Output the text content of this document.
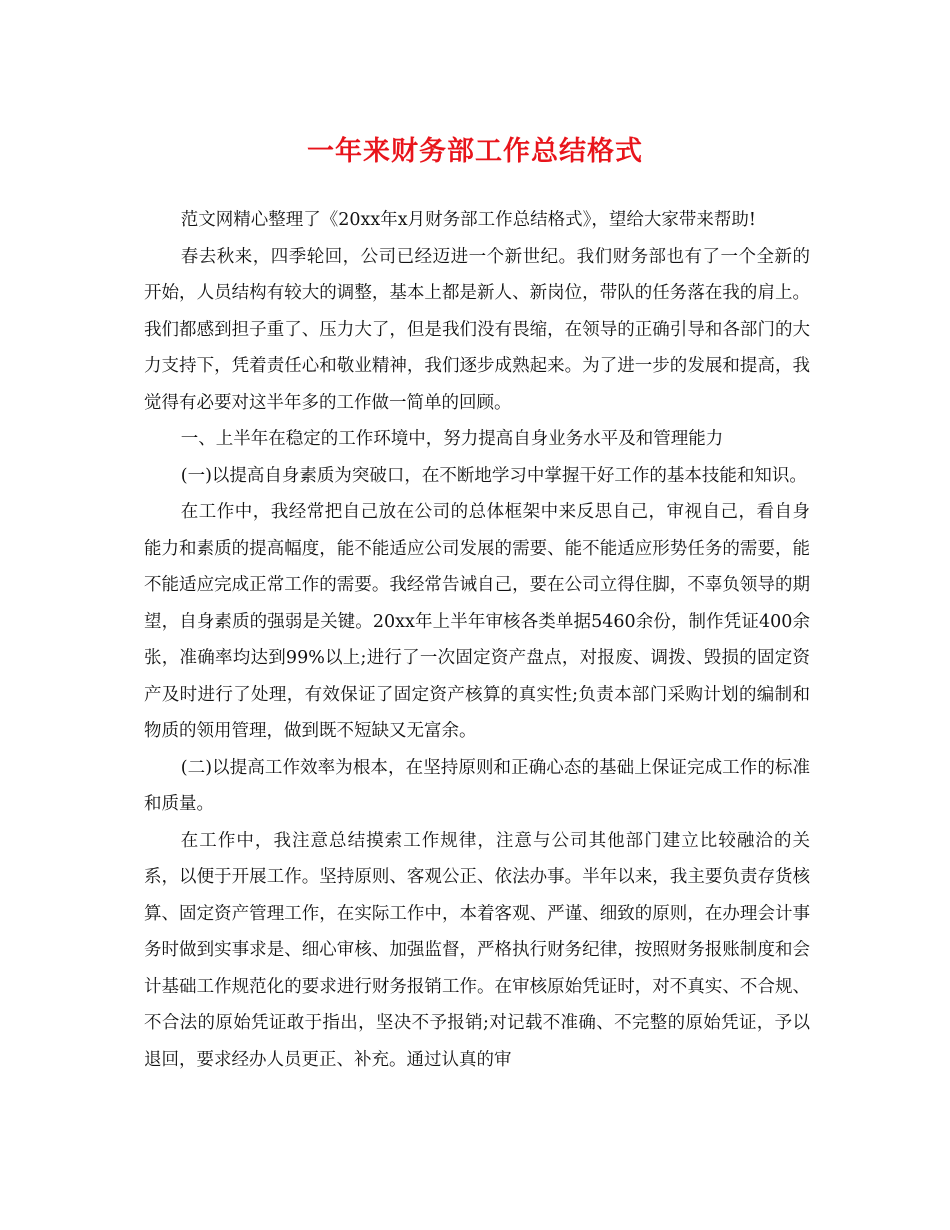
一年来财务部工作总结格式

范文网精心整理了《20xx年x月财务部工作总结格式》，望给大家带来帮助!

春去秋来，四季轮回，公司已经迈进一个新世纪。我们财务部也有了一个全新的开始，人员结构有较大的调整，基本上都是新人、新岗位，带队的任务落在我的肩上。我们都感到担子重了、压力大了，但是我们没有畏缩，在领导的正确引导和各部门的大力支持下，凭着责任心和敬业精神，我们逐步成熟起来。为了进一步的发展和提高，我觉得有必要对这半年多的工作做一简单的回顾。

一、上半年在稳定的工作环境中，努力提高自身业务水平及和管理能力

(一)以提高自身素质为突破口，在不断地学习中掌握干好工作的基本技能和知识。

在工作中，我经常把自己放在公司的总体框架中来反思自己，审视自己，看自身能力和素质的提高幅度，能不能适应公司发展的需要、能不能适应形势任务的需要，能不能适应完成正常工作的需要。我经常告诫自己，要在公司立得住脚，不辜负领导的期望，自身素质的强弱是关键。20xx年上半年审核各类单据5460余份，制作凭证400余张，准确率均达到99%以上;进行了一次固定资产盘点，对报废、调拨、毁损的固定资产及时进行了处理，有效保证了固定资产核算的真实性;负责本部门采购计划的编制和物质的领用管理，做到既不短缺又无富余。

(二)以提高工作效率为根本，在坚持原则和正确心态的基础上保证完成工作的标准和质量。

在工作中，我注意总结摸索工作规律，注意与公司其他部门建立比较融洽的关系，以便于开展工作。坚持原则、客观公正、依法办事。半年以来，我主要负责存货核算、固定资产管理工作，在实际工作中，本着客观、严谨、细致的原则，在办理会计事务时做到实事求是、细心审核、加强监督，严格执行财务纪律，按照财务报账制度和会计基础工作规范化的要求进行财务报销工作。在审核原始凭证时，对不真实、不合规、不合法的原始凭证敢于指出，坚决不予报销;对记载不准确、不完整的原始凭证，予以退回，要求经办人员更正、补充。通过认真的审
